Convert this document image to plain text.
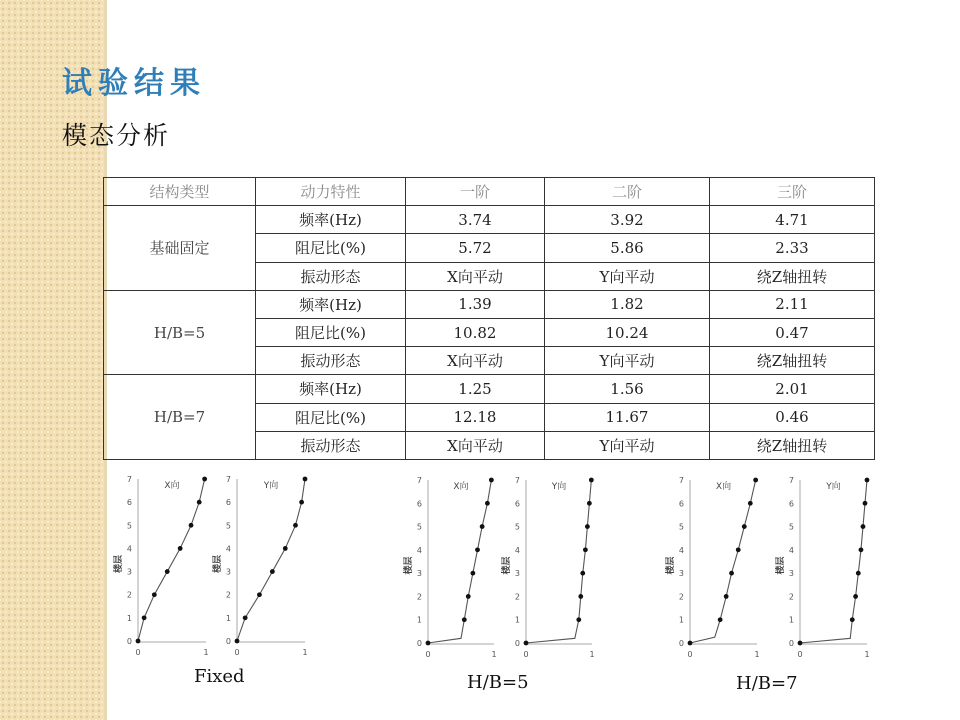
试验结果
模态分析
结构类型	动力特性	一阶	二阶	三阶
基础固定	频率(Hz)	3.74	3.92	4.71
	阻尼比(%)	5.72	5.86	2.33
	振动形态	X向平动	Y向平动	绕Z轴扭转
H/B=5	频率(Hz)	1.39	1.82	2.11
	阻尼比(%)	10.82	10.24	0.47
	振动形态	X向平动	Y向平动	绕Z轴扭转
H/B=7	频率(Hz)	1.25	1.56	2.01
	阻尼比(%)	12.18	11.67	0.46
	振动形态	X向平动	Y向平动	绕Z轴扭转
0
1
2
3
4
5
6
7
0	1
X向
楼层
0
1
2
3
4
5
6
7
0	1
Y向
楼层
0
1
2
3
4
5
6
7
0	1
X向
楼层
0
1
2
3
4
5
6
7
0	1
Y向
楼层
0
1
2
3
4
5
6
7
0	1
X向
楼层
0
1
2
3
4
5
6
7
0	1
Y向
楼层
Fixed	H/B=5	H/B=7
